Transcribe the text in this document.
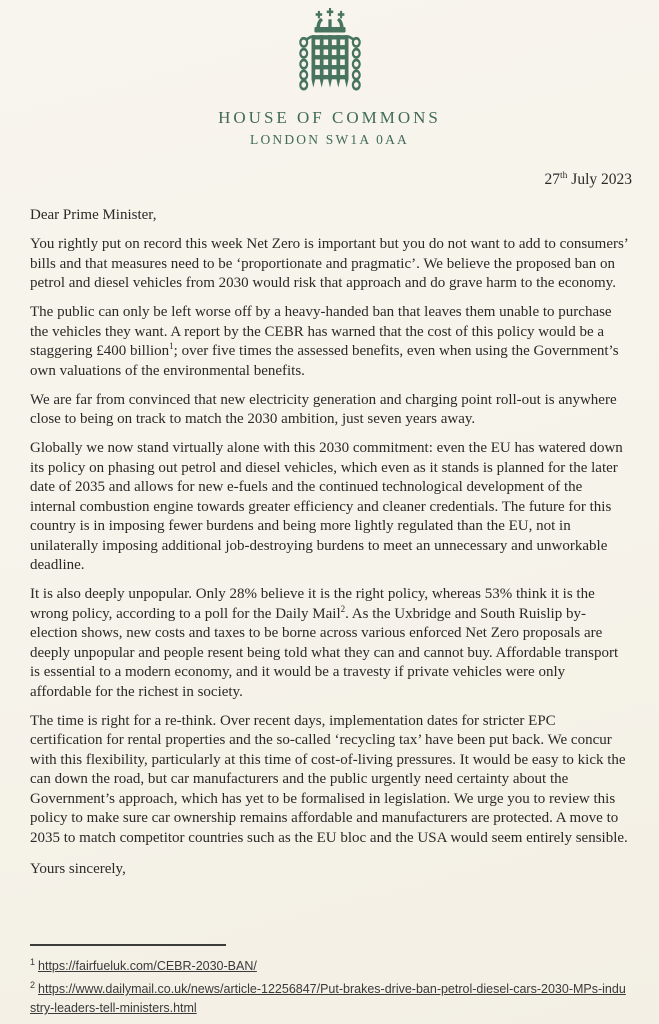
HOUSE OF COMMONS
LONDON SW1A 0AA
27th July 2023
Dear Prime Minister,

You rightly put on record this week Net Zero is important but you do not want to add to consumers’ bills and that measures need to be ‘proportionate and pragmatic’. We believe the proposed ban on petrol and diesel vehicles from 2030 would risk that approach and do grave harm to the economy.

The public can only be left worse off by a heavy-handed ban that leaves them unable to purchase the vehicles they want. A report by the CEBR has warned that the cost of this policy would be a staggering £400 billion$^1$; over five times the assessed benefits, even when using the Government’s own valuations of the environmental benefits.

We are far from convinced that new electricity generation and charging point roll-out is anywhere close to being on track to match the 2030 ambition, just seven years away.

Globally we now stand virtually alone with this 2030 commitment: even the EU has watered down its policy on phasing out petrol and diesel vehicles, which even as it stands is planned for the later date of 2035 and allows for new e-fuels and the continued technological development of the internal combustion engine towards greater efficiency and cleaner credentials. The future for this country is in imposing fewer burdens and being more lightly regulated than the EU, not in unilaterally imposing additional job-destroying burdens to meet an unnecessary and unworkable deadline.

It is also deeply unpopular. Only 28% believe it is the right policy, whereas 53% think it is the wrong policy, according to a poll for the Daily Mail$^2$. As the Uxbridge and South Ruislip by-election shows, new costs and taxes to be borne across various enforced Net Zero proposals are deeply unpopular and people resent being told what they can and cannot buy. Affordable transport is essential to a modern economy, and it would be a travesty if private vehicles were only affordable for the richest in society.

The time is right for a re-think. Over recent days, implementation dates for stricter EPC certification for rental properties and the so-called ‘recycling tax’ have been put back. We concur with this flexibility, particularly at this time of cost-of-living pressures. It would be easy to kick the can down the road, but car manufacturers and the public urgently need certainty about the Government’s approach, which has yet to be formalised in legislation. We urge you to review this policy to make sure car ownership remains affordable and manufacturers are protected. A move to 2035 to match competitor countries such as the EU bloc and the USA would seem entirely sensible.

Yours sincerely,
$^1$ https://fairfueluk.com/CEBR-2030-BAN/
$^2$ https://www.dailymail.co.uk/news/article-12256847/Put-brakes-drive-ban-petrol-diesel-cars-2030-MPs-industry-leaders-tell-ministers.html
